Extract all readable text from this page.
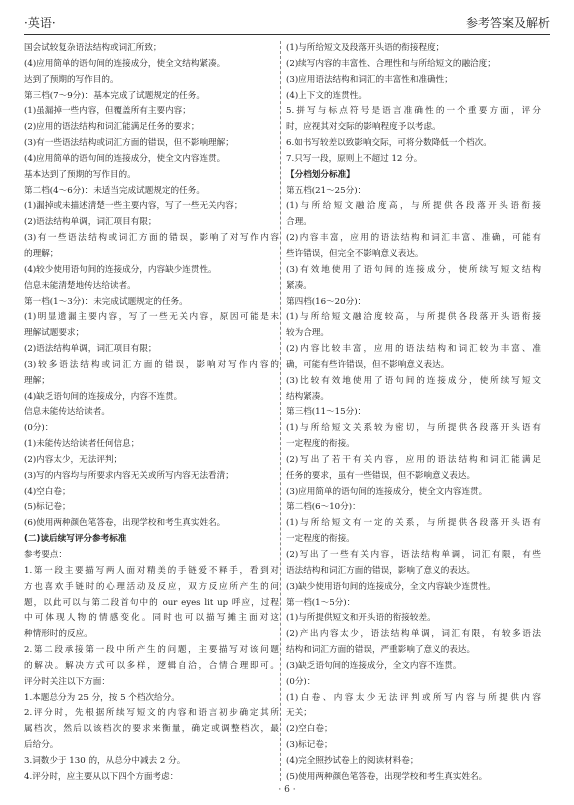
·英语·	参考答案及解析
国会试较复杂语法结构或词汇所致；
(4)应用简单的语句间的连接成分，使全文结构紧凑。
达到了预期的写作目的。
第三档(7～9分)：基本完成了试题规定的任务。
(1)虽漏掉一些内容，但覆盖所有主要内容；
(2)应用的语法结构和词汇能满足任务的要求；
(3)有一些语法结构或词汇方面的错误，但不影响理解；
(4)应用简单的语句间的连接成分，使全文内容连贯。
基本达到了预期的写作目的。
第二档(4～6分)：未适当完成试题规定的任务。
(1)漏掉或未描述清楚一些主要内容，写了一些无关内容；
(2)语法结构单调，词汇项目有限；
(3)有一些语法结构或词汇方面的错误，影响了对写作内容
的理解；
(4)较少使用语句间的连接成分，内容缺少连贯性。
信息未能清楚地传达给读者。
第一档(1～3分)：未完成试题规定的任务。
(1)明显遗漏主要内容，写了一些无关内容，原因可能是未
理解试题要求；
(2)语法结构单调，词汇项目有限；
(3)较多语法结构或词汇方面的错误，影响对写作内容的
理解；
(4)缺乏语句间的连接成分，内容不连贯。
信息未能传达给读者。
(0分)：
(1)未能传达给读者任何信息；
(2)内容太少，无法评判；
(3)写的内容均与所要求内容无关或所写内容无法看清；
(4)空白卷；
(5)标记卷；
(6)使用两种颜色笔答卷，出现学校和考生真实姓名。
(二)读后续写评分参考标准
参考要点：
1.第一段主要描写两人面对精美的手链爱不释手，看到对
方也喜欢手链时的心理活动及反应，双方反应所产生的问
题，以此可以与第二段首句中的 our eyes lit up 呼应，过程
中可体现人物的情感变化。同时也可以描写摊主面对这
种情形时的反应。
2.第二段承接第一段中所产生的问题，主要描写对该问题
的解决。解决方式可以多样，逻辑自洽，合情合理即可。
评分时关注以下方面：
1.本题总分为 25 分，按 5 个档次给分。
2.评分时，先根据所续写短文的内容和语言初步确定其所
属档次，然后以该档次的要求来衡量，确定或调整档次，最
后给分。
3.词数少于 130 的，从总分中减去 2 分。
4.评分时，应主要从以下四个方面考虑：
(1)与所给短文及段落开头语的衔接程度；
(2)续写内容的丰富性、合理性和与所给短文的融洽度；
(3)应用语法结构和词汇的丰富性和准确性；
(4)上下文的连贯性。
5.拼写与标点符号是语言准确性的一个重要方面，评分
时，应视其对交际的影响程度予以考虑。
6.如书写较差以致影响交际，可将分数降低一个档次。
7.只写一段，原则上不超过 12 分。
【分档划分标准】
第五档(21～25分)：
(1)与所给短文融洽度高，与所提供各段落开头语衔接
合理。
(2)内容丰富，应用的语法结构和词汇丰富、准确，可能有
些许错误，但完全不影响意义表达。
(3)有效地使用了语句间的连接成分，使所续写短文结构
紧凑。
第四档(16～20分)：
(1)与所给短文融洽度较高，与所提供各段落开头语衔接
较为合理。
(2)内容比较丰富，应用的语法结构和词汇较为丰富、准
确，可能有些许错误，但不影响意义表达。
(3)比较有效地使用了语句间的连接成分，使所续写短文
结构紧凑。
第三档(11～15分)：
(1)与所给短文关系较为密切，与所提供各段落开头语有
一定程度的衔接。
(2)写出了若干有关内容，应用的语法结构和词汇能满足
任务的要求，虽有一些错误，但不影响意义表达。
(3)应用简单的语句间的连接成分，使全文内容连贯。
第二档(6～10分)：
(1)与所给短文有一定的关系，与所提供各段落开头语有
一定程度的衔接。
(2)写出了一些有关内容，语法结构单调，词汇有限，有些
语法结构和词汇方面的错误，影响了意义的表达。
(3)缺少使用语句间的连接成分，全文内容缺少连贯性。
第一档(1～5分)：
(1)与所提供短文和开头语的衔接较差。
(2)产出内容太少，语法结构单调，词汇有限，有较多语法
结构和词汇方面的错误，严重影响了意义的表达。
(3)缺乏语句间的连接成分，全文内容不连贯。
(0分)：
(1)白卷、内容太少无法评判或所写内容与所提供内容
无关；
(2)空白卷；
(3)标记卷；
(4)完全照抄试卷上的阅读材料卷；
(5)使用两种颜色笔答卷，出现学校和考生真实姓名。
· 6 ·
